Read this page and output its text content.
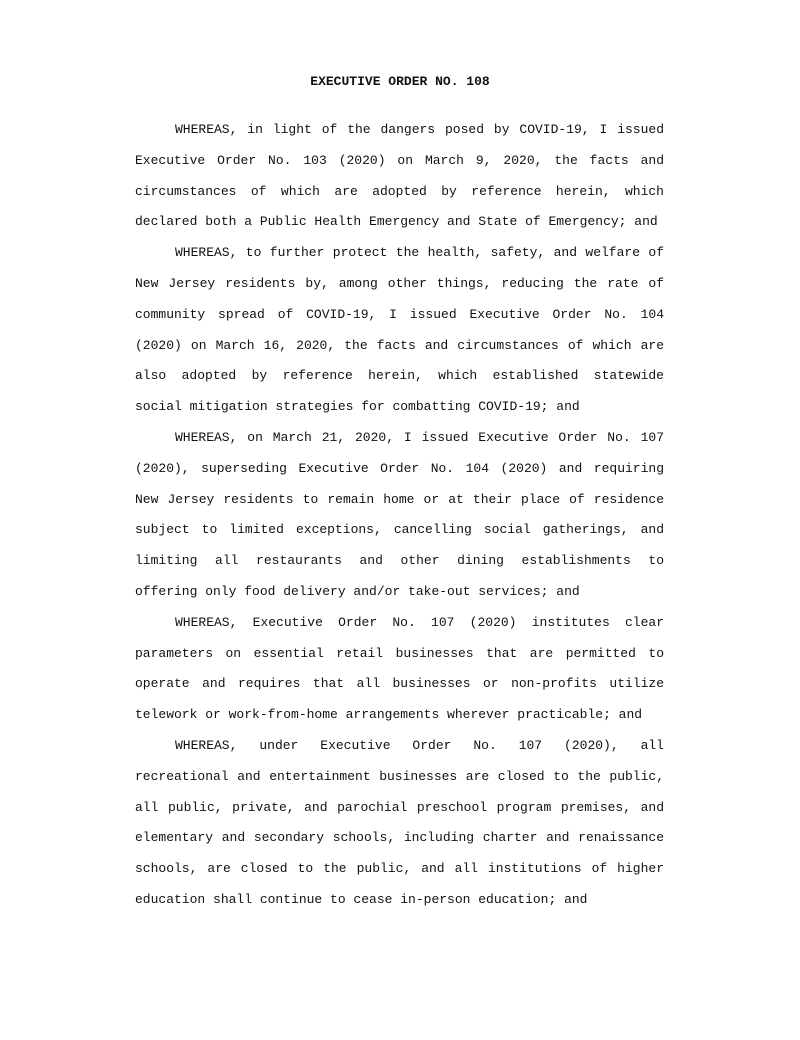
EXECUTIVE ORDER NO. 108

WHEREAS, in light of the dangers posed by COVID-19, I issued Executive Order No. 103 (2020) on March 9, 2020, the facts and circumstances of which are adopted by reference herein, which declared both a Public Health Emergency and State of Emergency; and

WHEREAS, to further protect the health, safety, and welfare of New Jersey residents by, among other things, reducing the rate of community spread of COVID-19, I issued Executive Order No. 104 (2020) on March 16, 2020, the facts and circumstances of which are also adopted by reference herein, which established statewide social mitigation strategies for combatting COVID-19; and

WHEREAS, on March 21, 2020, I issued Executive Order No. 107 (2020), superseding Executive Order No. 104 (2020) and requiring New Jersey residents to remain home or at their place of residence subject to limited exceptions, cancelling social gatherings, and limiting all restaurants and other dining establishments to offering only food delivery and/or take-out services; and

WHEREAS, Executive Order No. 107 (2020) institutes clear parameters on essential retail businesses that are permitted to operate and requires that all businesses or non-profits utilize telework or work-from-home arrangements wherever practicable; and

WHEREAS, under Executive Order No. 107 (2020), all recreational and entertainment businesses are closed to the public, all public, private, and parochial preschool program premises, and elementary and secondary schools, including charter and renaissance schools, are closed to the public, and all institutions of higher education shall continue to cease in-person education; and
